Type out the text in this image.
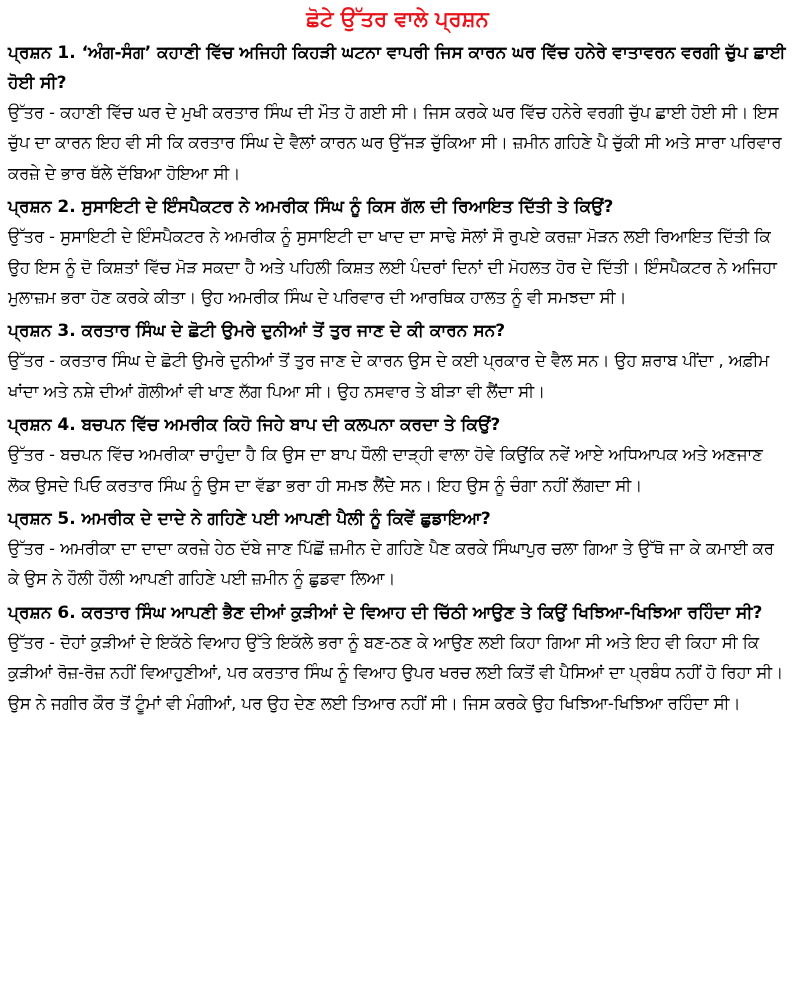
ਛੋਟੇ ਉੱਤਰ ਵਾਲੇ ਪ੍ਰਸ਼ਨ

ਪ੍ਰਸ਼ਨ 1. ‘ਅੰਗ-ਸੰਗ’ ਕਹਾਣੀ ਵਿੱਚ ਅਜਿਹੀ ਕਿਹੜੀ ਘਟਨਾ ਵਾਪਰੀ ਜਿਸ ਕਾਰਨ ਘਰ ਵਿੱਚ ਹਨੇਰੇ ਵਾਤਾਵਰਨ ਵਰਗੀ ਚੁੱਪ ਛਾਈ ਹੋਈ ਸੀ?

ਉੱਤਰ - ਕਹਾਣੀ ਵਿੱਚ ਘਰ ਦੇ ਮੁਖੀ ਕਰਤਾਰ ਸਿੰਘ ਦੀ ਮੌਤ ਹੋ ਗਈ ਸੀ। ਜਿਸ ਕਰਕੇ ਘਰ ਵਿੱਚ ਹਨੇਰੇ ਵਰਗੀ ਚੁੱਪ ਛਾਈ ਹੋਈ ਸੀ। ਇਸ ਚੁੱਪ ਦਾ ਕਾਰਨ ਇਹ ਵੀ ਸੀ ਕਿ ਕਰਤਾਰ ਸਿੰਘ ਦੇ ਵੈਲਾਂ ਕਾਰਨ ਘਰ ਉੱਜੜ ਚੁੱਕਿਆ ਸੀ। ਜ਼ਮੀਨ ਗਹਿਣੇ ਪੈ ਚੁੱਕੀ ਸੀ ਅਤੇ ਸਾਰਾ ਪਰਿਵਾਰ ਕਰਜ਼ੇ ਦੇ ਭਾਰ ਥੱਲੇ ਦੱਬਿਆ ਹੋਇਆ ਸੀ।

ਪ੍ਰਸ਼ਨ 2. ਸੁਸਾਇਟੀ ਦੇ ਇੰਸਪੈਕਟਰ ਨੇ ਅਮਰੀਕ ਸਿੰਘ ਨੂੰ ਕਿਸ ਗੱਲ ਦੀ ਰਿਆਇਤ ਦਿੱਤੀ ਤੇ ਕਿਉਂ?

ਉੱਤਰ - ਸੁਸਾਇਟੀ ਦੇ ਇੰਸਪੈਕਟਰ ਨੇ ਅਮਰੀਕ ਨੂੰ ਸੁਸਾਇਟੀ ਦਾ ਖਾਦ ਦਾ ਸਾਢੇ ਸੋਲਾਂ ਸੌ ਰੁਪਏ ਕਰਜ਼ਾ ਮੋੜਨ ਲਈ ਰਿਆਇਤ ਦਿੱਤੀ ਕਿ ਉਹ ਇਸ ਨੂੰ ਦੋ ਕਿਸ਼ਤਾਂ ਵਿੱਚ ਮੋੜ ਸਕਦਾ ਹੈ ਅਤੇ ਪਹਿਲੀ ਕਿਸ਼ਤ ਲਈ ਪੰਦਰਾਂ ਦਿਨਾਂ ਦੀ ਮੋਹਲਤ ਹੋਰ ਦੇ ਦਿੱਤੀ। ਇੰਸਪੈਕਟਰ ਨੇ ਅਜਿਹਾ ਮੁਲਾਜ਼ਮ ਭਰਾ ਹੋਣ ਕਰਕੇ ਕੀਤਾ। ਉਹ ਅਮਰੀਕ ਸਿੰਘ ਦੇ ਪਰਿਵਾਰ ਦੀ ਆਰਥਿਕ ਹਾਲਤ ਨੂੰ ਵੀ ਸਮਝਦਾ ਸੀ।

ਪ੍ਰਸ਼ਨ 3. ਕਰਤਾਰ ਸਿੰਘ ਦੇ ਛੋਟੀ ਉਮਰੇ ਦੁਨੀਆਂ ਤੋਂ ਤੁਰ ਜਾਣ ਦੇ ਕੀ ਕਾਰਨ ਸਨ?

ਉੱਤਰ - ਕਰਤਾਰ ਸਿੰਘ ਦੇ ਛੋਟੀ ਉਮਰੇ ਦੁਨੀਆਂ ਤੋਂ ਤੁਰ ਜਾਣ ਦੇ ਕਾਰਨ ਉਸ ਦੇ ਕਈ ਪ੍ਰਕਾਰ ਦੇ ਵੈਲ ਸਨ। ਉਹ ਸ਼ਰਾਬ ਪੀਂਦਾ , ਅਫ਼ੀਮ ਖਾਂਦਾ ਅਤੇ ਨਸ਼ੇ ਦੀਆਂ ਗੋਲੀਆਂ ਵੀ ਖਾਣ ਲੱਗ ਪਿਆ ਸੀ। ਉਹ ਨਸਵਾਰ ਤੇ ਬੀੜਾ ਵੀ ਲੈਂਦਾ ਸੀ।

ਪ੍ਰਸ਼ਨ 4. ਬਚਪਨ ਵਿੱਚ ਅਮਰੀਕ ਕਿਹੋ ਜਿਹੇ ਬਾਪ ਦੀ ਕਲਪਨਾ ਕਰਦਾ ਤੇ ਕਿਉਂ?

ਉੱਤਰ - ਬਚਪਨ ਵਿੱਚ ਅਮਰੀਕਾ ਚਾਹੁੰਦਾ ਹੈ ਕਿ ਉਸ ਦਾ ਬਾਪ ਧੌਲੀ ਦਾੜ੍ਹੀ ਵਾਲਾ ਹੋਵੇ ਕਿਉਂਕਿ ਨਵੇਂ ਆਏ ਅਧਿਆਪਕ ਅਤੇ ਅਣਜਾਣ ਲੋਕ ਉਸਦੇ ਪਿਓ ਕਰਤਾਰ ਸਿੰਘ ਨੂੰ ਉਸ ਦਾ ਵੱਡਾ ਭਰਾ ਹੀ ਸਮਝ ਲੈਂਦੇ ਸਨ। ਇਹ ਉਸ ਨੂੰ ਚੰਗਾ ਨਹੀਂ ਲੱਗਦਾ ਸੀ।

ਪ੍ਰਸ਼ਨ 5. ਅਮਰੀਕ ਦੇ ਦਾਦੇ ਨੇ ਗਹਿਣੇ ਪਈ ਆਪਣੀ ਪੈਲੀ ਨੂੰ ਕਿਵੇਂ ਛੁਡਾਇਆ?

ਉੱਤਰ - ਅਮਰੀਕਾ ਦਾ ਦਾਦਾ ਕਰਜ਼ੇ ਹੇਠ ਦੱਬੇ ਜਾਣ ਪਿੱਛੋਂ ਜ਼ਮੀਨ ਦੇ ਗਹਿਣੇ ਪੈਣ ਕਰਕੇ ਸਿੰਘਾਪੁਰ ਚਲਾ ਗਿਆ ਤੇ ਉੱਥੋ ਜਾ ਕੇ ਕਮਾਈ ਕਰ ਕੇ ਉਸ ਨੇ ਹੌਲੀ ਹੌਲੀ ਆਪਣੀ ਗਹਿਣੇ ਪਈ ਜ਼ਮੀਨ ਨੂੰ ਛੁਡਵਾ ਲਿਆ।

ਪ੍ਰਸ਼ਨ 6. ਕਰਤਾਰ ਸਿੰਘ ਆਪਣੀ ਭੈਣ ਦੀਆਂ ਕੁੜੀਆਂ ਦੇ ਵਿਆਹ ਦੀ ਚਿੱਠੀ ਆਉਣ ਤੇ ਕਿਉਂ ਖਿਝਿਆ-ਖਿਝਿਆ ਰਹਿੰਦਾ ਸੀ?

ਉੱਤਰ - ਦੋਹਾਂ ਕੁੜੀਆਂ ਦੇ ਇਕੱਠੇ ਵਿਆਹ ਉੱਤੇ ਇਕੱਲੇ ਭਰਾ ਨੂੰ ਬਣ-ਠਣ ਕੇ ਆਉਣ ਲਈ ਕਿਹਾ ਗਿਆ ਸੀ ਅਤੇ ਇਹ ਵੀ ਕਿਹਾ ਸੀ ਕਿ ਕੁੜੀਆਂ ਰੋਜ਼-ਰੋਜ਼ ਨਹੀਂ ਵਿਆਹੁਣੀਆਂ, ਪਰ ਕਰਤਾਰ ਸਿੰਘ ਨੂੰ ਵਿਆਹ ਉਪਰ ਖਰਚ ਲਈ ਕਿਤੋਂ ਵੀ ਪੈਸਿਆਂ ਦਾ ਪ੍ਰਬੰਧ ਨਹੀਂ ਹੋ ਰਿਹਾ ਸੀ। ਉਸ ਨੇ ਜਗੀਰ ਕੌਰ ਤੋਂ ਟੂੰਮਾਂ ਵੀ ਮੰਗੀਆਂ, ਪਰ ਉਹ ਦੇਣ ਲਈ ਤਿਆਰ ਨਹੀਂ ਸੀ। ਜਿਸ ਕਰਕੇ ਉਹ ਖਿਝਿਆ-ਖਿਝਿਆ ਰਹਿੰਦਾ ਸੀ।
